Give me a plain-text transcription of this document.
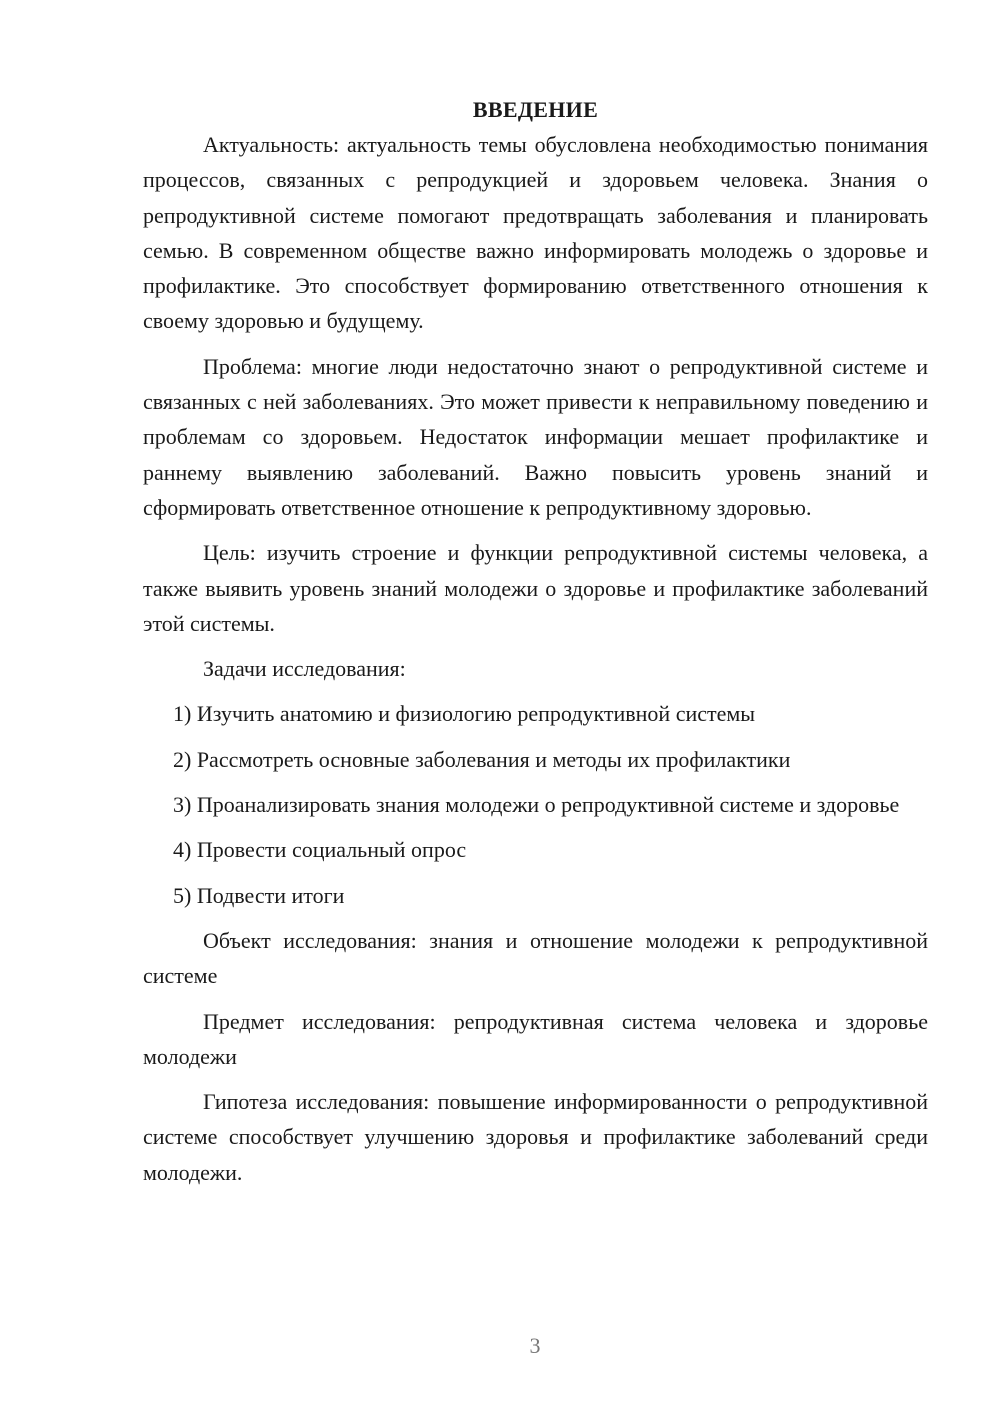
ВВЕДЕНИЕ

Актуальность: актуальность темы обусловлена необходимостью понимания процессов, связанных с репродукцией и здоровьем человека. Знания о репродуктивной системе помогают предотвращать заболевания и планировать семью. В современном обществе важно информировать молодежь о здоровье и профилактике. Это способствует формированию ответственного отношения к своему здоровью и будущему.

Проблема: многие люди недостаточно знают о репродуктивной системе и связанных с ней заболеваниях. Это может привести к неправильному поведению и проблемам со здоровьем. Недостаток информации мешает профилактике и раннему выявлению заболеваний. Важно повысить уровень знаний и сформировать ответственное отношение к репродуктивному здоровью.

Цель: изучить строение и функции репродуктивной системы человека, а также выявить уровень знаний молодежи о здоровье и профилактике заболеваний этой системы.

Задачи исследования:

1) Изучить анатомию и физиологию репродуктивной системы

2) Рассмотреть основные заболевания и методы их профилактики

3) Проанализировать знания молодежи о репродуктивной системе и здоровье

4) Провести социальный опрос

5) Подвести итоги

Объект исследования: знания и отношение молодежи к репродуктивной системе

Предмет исследования: репродуктивная система человека и здоровье молодежи

Гипотеза исследования: повышение информированности о репродуктивной системе способствует улучшению здоровья и профилактике заболеваний среди молодежи.

3
